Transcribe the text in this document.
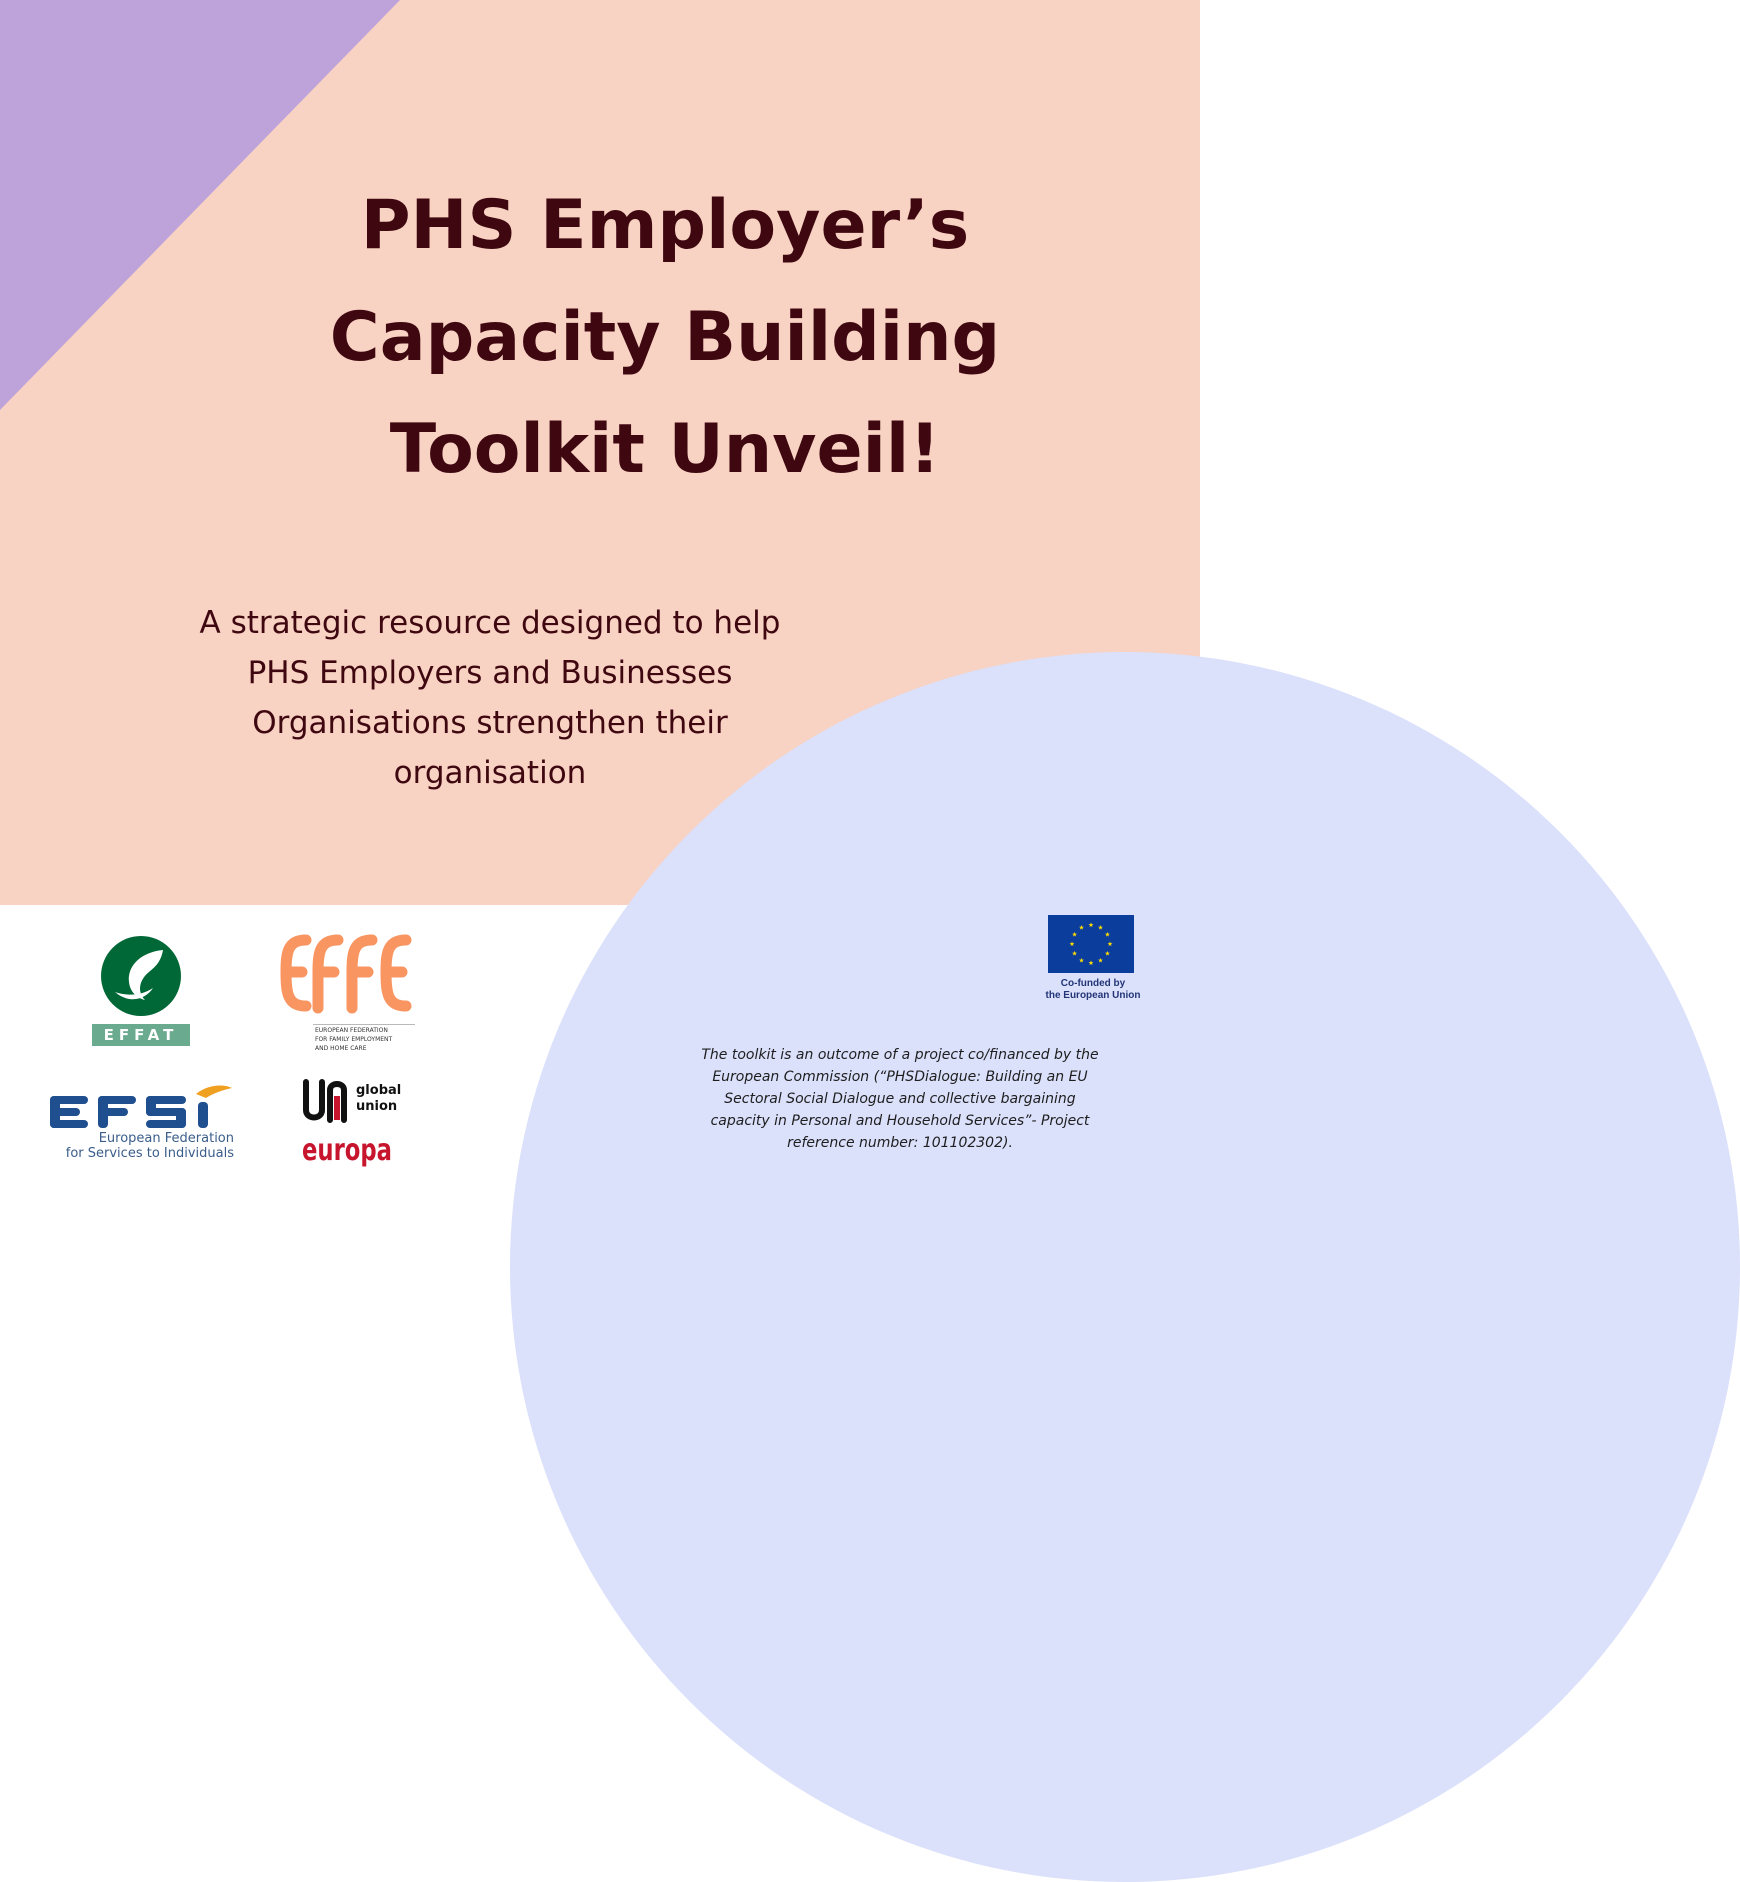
PHS Employer’s
Capacity Building
Toolkit Unveil!

A strategic resource designed to help
PHS Employers and Businesses
Organisations strengthen their
organisation

EFFAT	EUROPEAN FEDERATION
FOR FAMILY EMPLOYMENT
AND HOME CARE
European Federation
for Services to Individuals
global
union
europa
Co-funded by
the European Union

The toolkit is an outcome of a project co/financed by the
European Commission (“PHSDialogue: Building an EU
Sectoral Social Dialogue and collective bargaining
capacity in Personal and Household Services”- Project
reference number: 101102302).
